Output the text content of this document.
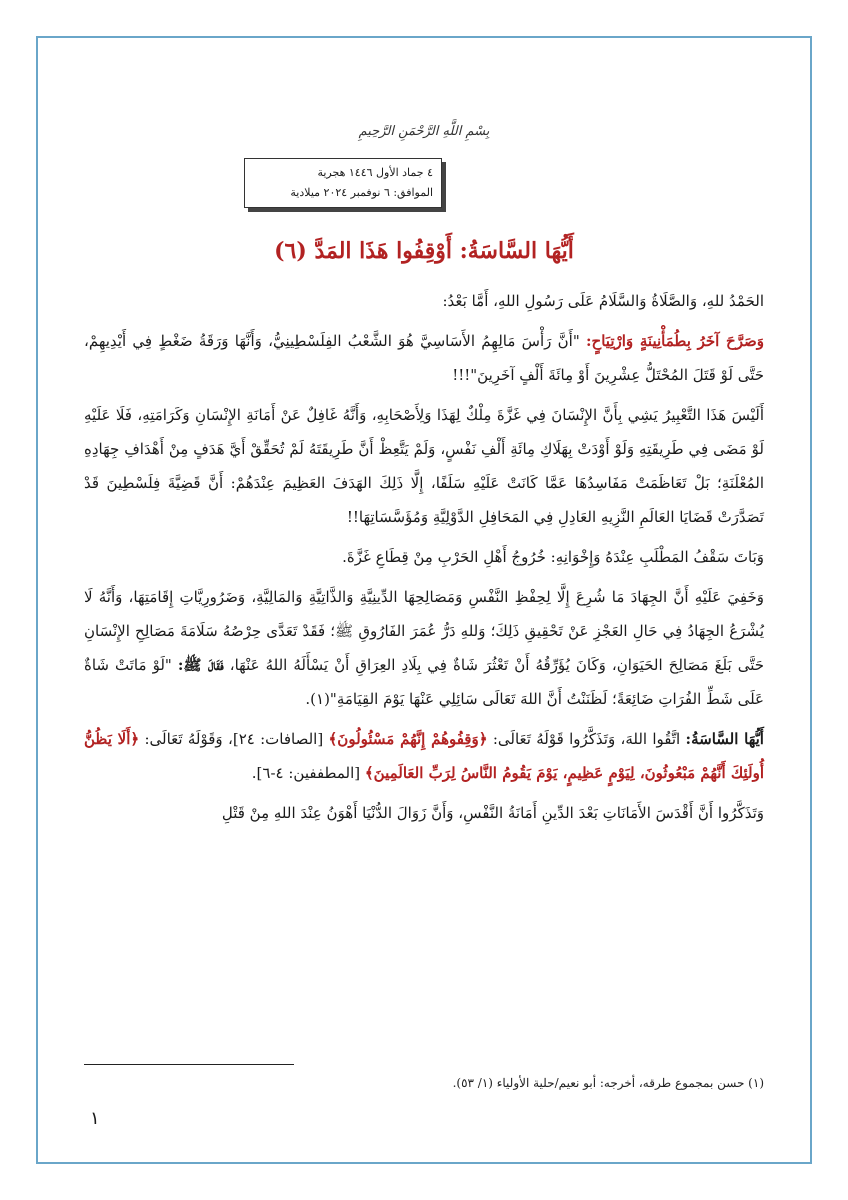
بِسْمِ اللَّهِ الرَّحْمَنِ الرَّحِيمِ
٤ جماد الأول ١٤٤٦ هجرية
الموافق: ٦ نوفمبر ٢٠٢٤ ميلادية
أَيُّهَا السَّاسَةُ: أَوْقِفُوا هَذَا المَدَّ (٦)

الحَمْدُ للهِ، وَالصَّلَاةُ وَالسَّلَامُ عَلَى رَسُولِ اللهِ، أَمَّا بَعْدُ:

وَصَرَّحَ آخَرُ بِطُمَأْنِينَةٍ وَارْتِيَاحٍ: "أَنَّ رَأْسَ مَالِهِمُ الأَسَاسِيَّ هُوَ الشَّعْبُ الفِلَسْطِينِيُّ، وَأَنَّهَا وَرَقَةُ ضَغْطٍ فِي أَيْدِيهِمْ، حَتَّى لَوْ قَتَلَ المُحْتَلُّ عِشْرِينَ أَوْ مِائَةَ أَلْفٍ آخَرِينَ"!!!

أَلَيْسَ هَذَا التَّعْبِيرُ يَشِي بِأَنَّ الإِنْسَانَ فِي غَزَّةَ مِلْكٌ لِهَذَا وَلِأَصْحَابِهِ، وَأَنَّهُ غَافِلٌ عَنْ أَمَانَةِ الإِنْسَانِ وَكَرَامَتِهِ، فَلَا عَلَيْهِ لَوْ مَضَى فِي طَرِيقَتِهِ وَلَوْ أَوْدَتْ بِهَلَاكِ مِائَةِ أَلْفِ نَفْسٍ، وَلَمْ يَتَّعِظْ أَنَّ طَرِيقَتَهُ لَمْ تُحَقِّقْ أَيَّ هَدَفٍ مِنْ أَهْدَافِ جِهَادِهِ المُعْلَنَةِ؛ بَلْ تَعَاظَمَتْ مَفَاسِدُهَا عَمَّا كَانَتْ عَلَيْهِ سَلَفًا، إِلَّا ذَلِكَ الهَدَفَ العَظِيمَ عِنْدَهُمْ: أَنَّ قَضِيَّةَ فِلَسْطِينَ قَدْ تَصَدَّرَتْ قَضَايَا العَالَمِ النَّزِيهِ العَادِلِ فِي المَحَافِلِ الدَّوْلِيَّةِ وَمُؤَسَّسَاتِهَا!!

وَبَاتَ سَقْفُ المَطْلَبِ عِنْدَهُ وَإِخْوَانِهِ: خُرُوجُ أَهْلِ الحَرْبِ مِنْ قِطَاعِ غَزَّةَ.

وَخَفِيَ عَلَيْهِ أَنَّ الجِهَادَ مَا شُرِعَ إِلَّا لِحِفْظِ النَّفْسِ وَمَصَالِحِهَا الدِّينِيَّةِ وَالذَّاتِيَّةِ وَالمَالِيَّةِ، وَضَرُورِيَّاتِ إِقَامَتِهَا، وَأَنَّهُ لَا يُشْرَعُ الجِهَادُ فِي حَالِ العَجْزِ عَنْ تَحْقِيقِ ذَلِكَ؛ وَللهِ دَرُّ عُمَرَ الفَارُوقِ ﷺ؛ فَقَدْ تَعَدَّى حِرْصُهُ سَلَامَةَ مَصَالِحِ الإِنْسَانِ حَتَّى بَلَغَ مَصَالِحَ الحَيَوَانِ، وَكَانَ يُؤَرِّقُهُ أَنْ تَعْثُرَ شَاةٌ فِي بِلَادِ العِرَاقِ أَنْ يَسْأَلَهُ اللهُ عَنْهَا، فَقَالَ ﷺ: "لَوْ مَاتَتْ شَاةٌ عَلَى شَطِّ الفُرَاتِ ضَائِعَةً؛ لَظَنَنْتُ أَنَّ اللهَ تَعَالَى سَائِلِي عَنْهَا يَوْمَ القِيَامَةِ"(١).

أَيُّهَا السَّاسَةُ: اتَّقُوا اللهَ، وَتَذَكَّرُوا قَوْلَهُ تَعَالَى: ﴿وَقِفُوهُمْ إِنَّهُمْ مَسْئُولُونَ﴾ [الصافات: ٢٤]، وَقَوْلَهُ تَعَالَى: ﴿أَلَا يَظُنُّ أُولَئِكَ أَنَّهُمْ مَبْعُوثُونَ، لِيَوْمٍ عَظِيمٍ، يَوْمَ يَقُومُ النَّاسُ لِرَبِّ العَالَمِينَ﴾ [المطففين: ٤-٦].

وَتَذَكَّرُوا أَنَّ أَقْدَسَ الأَمَانَاتِ بَعْدَ الدِّينِ أَمَانَةُ النَّفْسِ، وَأَنَّ زَوَالَ الدُّنْيَا أَهْوَنُ عِنْدَ اللهِ مِنْ قَتْلِ

(١) حسن بمجموع طرقه، أخرجه: أبو نعيم/حلية الأولياء (١/ ٥٣).
١
